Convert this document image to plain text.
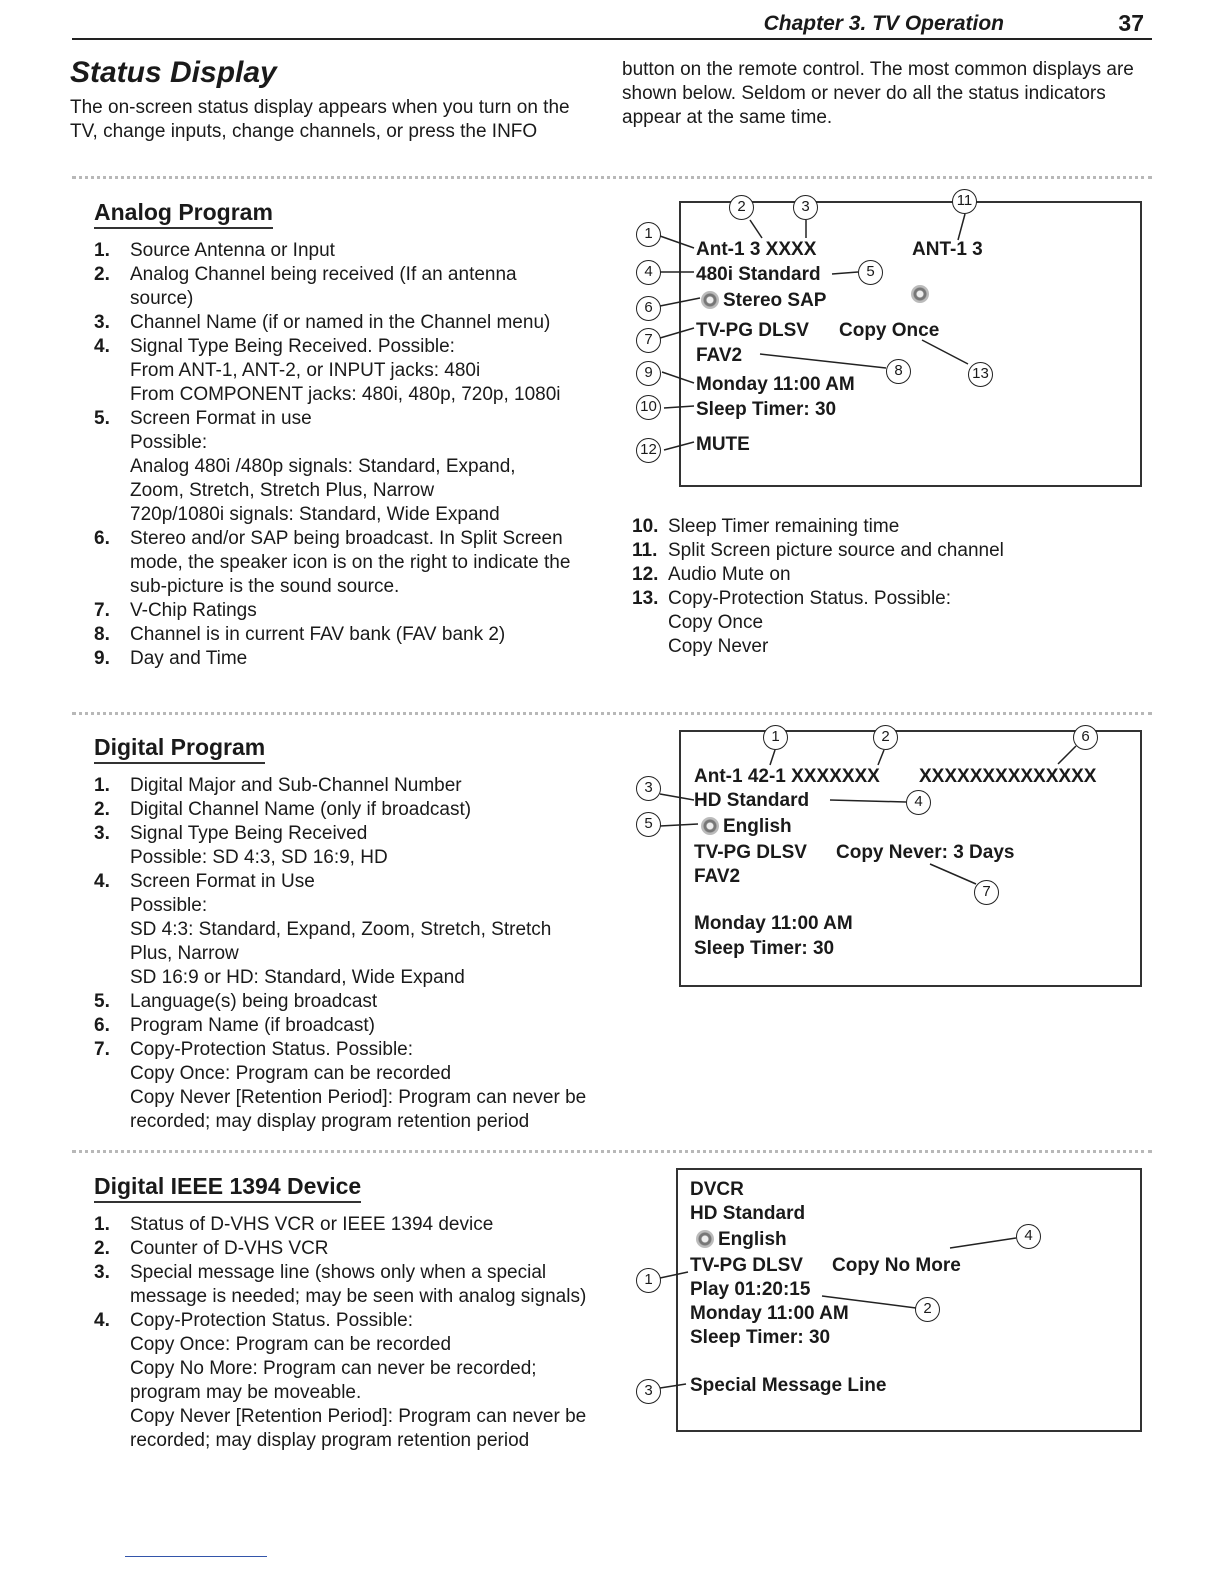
Chapter 3. TV Operation	37
Status Display
The on-screen status display appears when you turn on the TV, change inputs, change channels, or press the INFO
button on the remote control. The most common displays are shown below. Seldom or never do all the status indicators appear at the same time.
Analog Program
1. Source Antenna or Input
2. Analog Channel being received (If an antenna source)
3. Channel Name (if or named in the Channel menu)
4. Signal Type Being Received. Possible:
From ANT-1, ANT-2, or INPUT jacks: 480i
From COMPONENT jacks: 480i, 480p, 720p, 1080i
5. Screen Format in use
Possible:
Analog 480i /480p signals: Standard, Expand, Zoom, Stretch, Stretch Plus, Narrow
720p/1080i signals: Standard, Wide Expand
6. Stereo and/or SAP being broadcast. In Split Screen mode, the speaker icon is on the right to indicate the sub-picture is the sound source.
7. V-Chip Ratings
8. Channel is in current FAV bank (FAV bank 2)
9. Day and Time
10. Sleep Timer remaining time
11. Split Screen picture source and channel
12. Audio Mute on
13. Copy-Protection Status. Possible:
Copy Once
Copy Never
Ant-1 3 XXXX	ANT-1 3
480i Standard
Stereo SAP
TV-PG DLSV Copy Once
FAV2
Monday 11:00 AM
Sleep Timer: 30
MUTE
1
2	3
4	5
6
7
8
9
10
11
12
13
Digital Program
1. Digital Major and Sub-Channel Number
2. Digital Channel Name (only if broadcast)
3. Signal Type Being Received
Possible: SD 4:3, SD 16:9, HD
4. Screen Format in Use
Possible:
SD 4:3: Standard, Expand, Zoom, Stretch, Stretch Plus, Narrow
SD 16:9 or HD: Standard, Wide Expand
5. Language(s) being broadcast
6. Program Name (if broadcast)
7. Copy-Protection Status. Possible:
Copy Once: Program can be recorded
Copy Never [Retention Period]: Program can never be recorded; may display program retention period
Ant-1 42-1 XXXXXXX XXXXXXXXXXXXXX
HD Standard
English
TV-PG DLSV Copy Never: 3 Days
FAV2
Monday 11:00 AM
Sleep Timer: 30
1	2
3
4
5
6
7
Digital IEEE 1394 Device
1. Status of D-VHS VCR or IEEE 1394 device
2. Counter of D-VHS VCR
3. Special message line (shows only when a special message is needed; may be seen with analog signals)
4. Copy-Protection Status. Possible:
Copy Once: Program can be recorded
Copy No More: Program can never be recorded; program may be moveable.
Copy Never [Retention Period]: Program can never be recorded; may display program retention period
DVCR
HD Standard
English
TV-PG DLSV Copy No More
Play 01:20:15
Monday 11:00 AM
Sleep Timer: 30
Special Message Line
1
2
3
4
